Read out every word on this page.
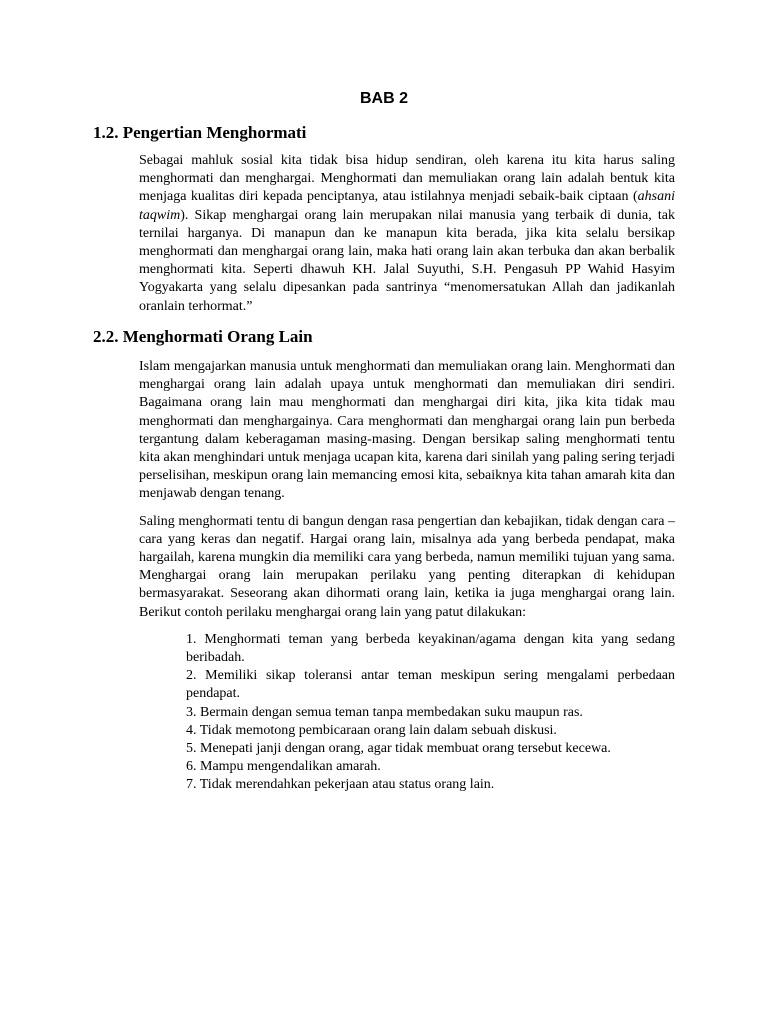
BAB 2
1.2. Pengertian Menghormati

Sebagai mahluk sosial kita tidak bisa hidup sendiran, oleh karena itu kita harus saling menghormati dan menghargai. Menghormati dan memuliakan orang lain adalah bentuk kita menjaga kualitas diri kepada penciptanya, atau istilahnya menjadi sebaik-baik ciptaan (ahsani taqwim). Sikap menghargai orang lain merupakan nilai manusia yang terbaik di dunia, tak ternilai harganya. Di manapun dan ke manapun kita berada, jika kita selalu bersikap menghormati dan menghargai orang lain, maka hati orang lain akan terbuka dan akan berbalik menghormati kita. Seperti dhawuh KH. Jalal Suyuthi, S.H. Pengasuh PP Wahid Hasyim Yogyakarta yang selalu dipesankan pada santrinya “menomersatukan Allah dan jadikanlah oranlain terhormat.”

2.2. Menghormati Orang Lain

Islam mengajarkan manusia untuk menghormati dan memuliakan orang lain. Menghormati dan menghargai orang lain adalah upaya untuk menghormati dan memuliakan diri sendiri. Bagaimana orang lain mau menghormati dan menghargai diri kita, jika kita tidak mau menghormati dan menghargainya. Cara menghormati dan menghargai orang lain pun berbeda tergantung dalam keberagaman masing-masing. Dengan bersikap saling menghormati tentu kita akan menghindari untuk menjaga ucapan kita, karena dari sinilah yang paling sering terjadi perselisihan, meskipun orang lain memancing emosi kita, sebaiknya kita tahan amarah kita dan menjawab dengan tenang.

Saling menghormati tentu di bangun dengan rasa pengertian dan kebajikan, tidak dengan cara – cara yang keras dan negatif. Hargai orang lain, misalnya ada yang berbeda pendapat, maka hargailah, karena mungkin dia memiliki cara yang berbeda, namun memiliki tujuan yang sama. Menghargai orang lain merupakan perilaku yang penting diterapkan di kehidupan bermasyarakat. Seseorang akan dihormati orang lain, ketika ia juga menghargai orang lain. Berikut contoh perilaku menghargai orang lain yang patut dilakukan:

1. Menghormati teman yang berbeda keyakinan/agama dengan kita yang sedang beribadah.
2. Memiliki sikap toleransi antar teman meskipun sering mengalami perbedaan pendapat.
3. Bermain dengan semua teman tanpa membedakan suku maupun ras.
4. Tidak memotong pembicaraan orang lain dalam sebuah diskusi.
5. Menepati janji dengan orang, agar tidak membuat orang tersebut kecewa.
6. Mampu mengendalikan amarah.
7. Tidak merendahkan pekerjaan atau status orang lain.
